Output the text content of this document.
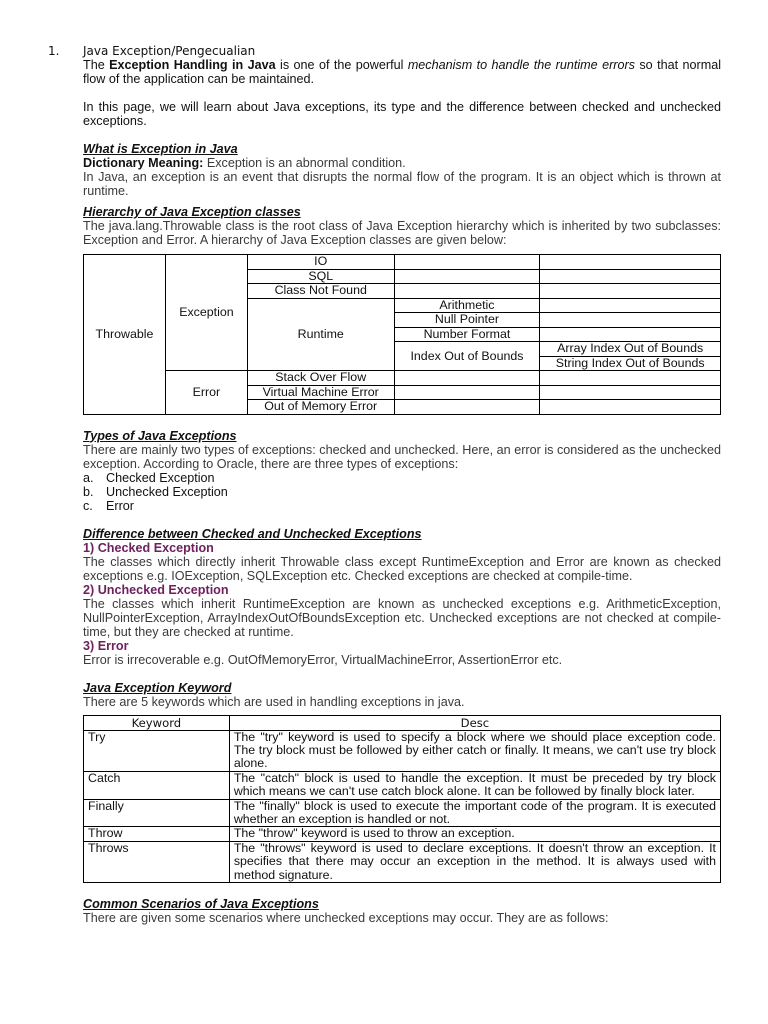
1. Java Exception/Pengecualian

The Exception Handling in Java is one of the powerful mechanism to handle the runtime errors so that normal flow of the application can be maintained.

In this page, we will learn about Java exceptions, its type and the difference between checked and unchecked exceptions.

What is Exception in Java

Dictionary Meaning: Exception is an abnormal condition.

In Java, an exception is an event that disrupts the normal flow of the program. It is an object which is thrown at runtime.

Hierarchy of Java Exception classes

The java.lang.Throwable class is the root class of Java Exception hierarchy which is inherited by two subclasses: Exception and Error. A hierarchy of Java Exception classes are given below:

Throwable	Exception	IO		
		SQL		
		Class Not Found		
		Runtime	Arithmetic	
			Null Pointer	
			Number Format	
			Index Out of Bounds	Array Index Out of Bounds
				String Index Out of Bounds
	Error	Stack Over Flow		
		Virtual Machine Error		
		Out of Memory Error		

Types of Java Exceptions

There are mainly two types of exceptions: checked and unchecked. Here, an error is considered as the unchecked exception. According to Oracle, there are three types of exceptions:

a. Checked Exception
b. Unchecked Exception
c.	Error

Difference between Checked and Unchecked Exceptions

1) Checked Exception

The classes which directly inherit Throwable class except RuntimeException and Error are known as checked exceptions e.g. IOException, SQLException etc. Checked exceptions are checked at compile-time.

2) Unchecked Exception

The classes which inherit RuntimeException are known as unchecked exceptions e.g. ArithmeticException, NullPointerException, ArrayIndexOutOfBoundsException etc. Unchecked exceptions are not checked at compile-time, but they are checked at runtime.

3) Error

Error is irrecoverable e.g. OutOfMemoryError, VirtualMachineError, AssertionError etc.

Java Exception Keyword

There are 5 keywords which are used in handling exceptions in java.

Keyword	Desc
Try	The "try" keyword is used to specify a block where we should place exception code. The try block must be followed by either catch or finally. It means, we can't use try block alone.
Catch	The "catch" block is used to handle the exception. It must be preceded by try block which means we can't use catch block alone. It can be followed by finally block later.
Finally	The "finally" block is used to execute the important code of the program. It is executed whether an exception is handled or not.
Throw	The "throw" keyword is used to throw an exception.
Throws	The "throws" keyword is used to declare exceptions. It doesn't throw an exception. It specifies that there may occur an exception in the method. It is always used with method signature.

Common Scenarios of Java Exceptions

There are given some scenarios where unchecked exceptions may occur. They are as follows:
